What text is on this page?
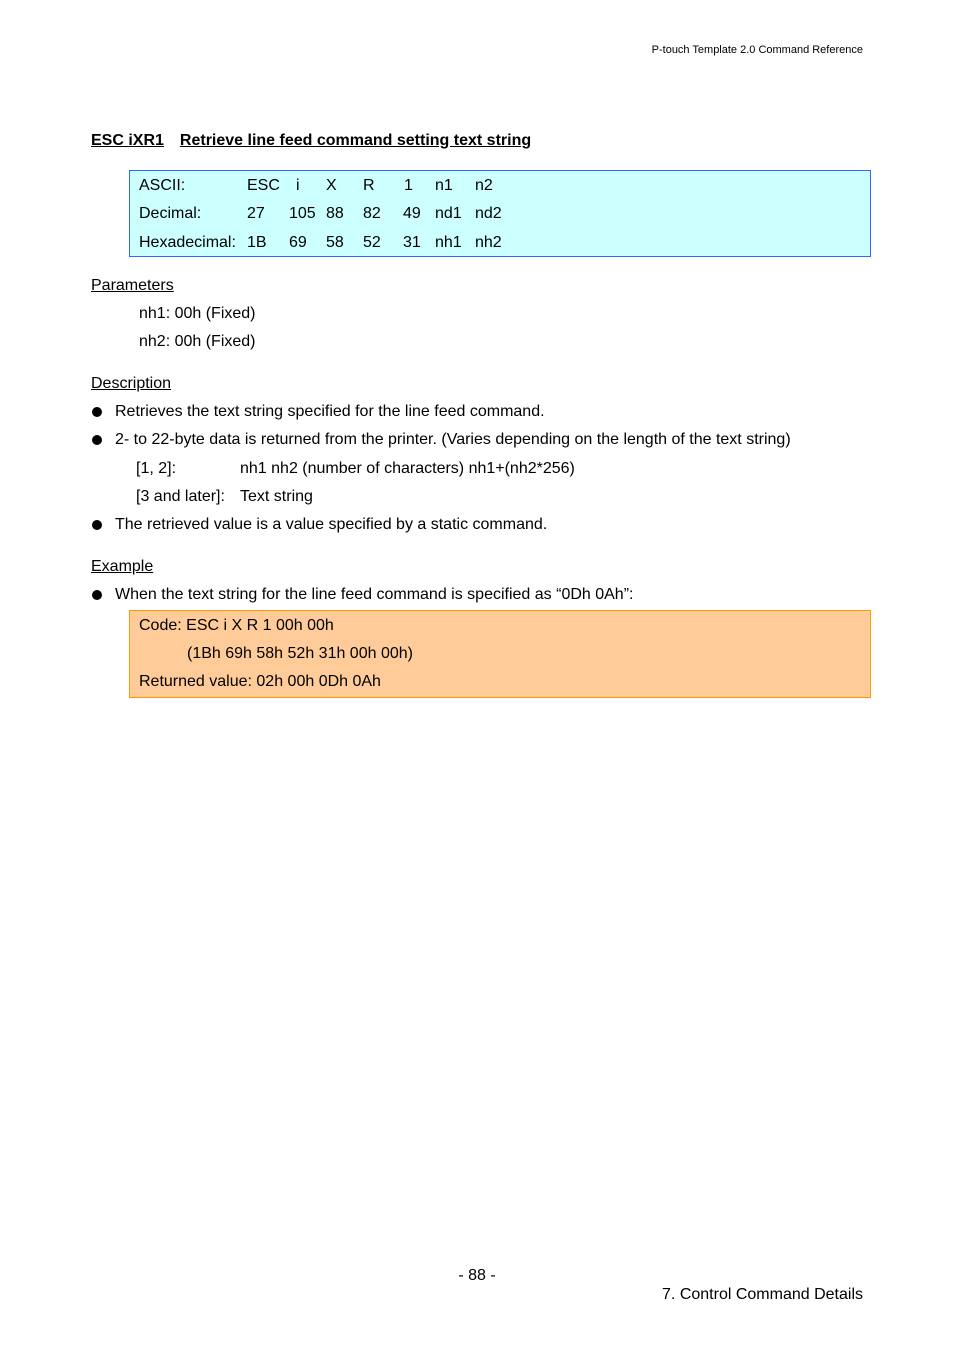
P-touch Template 2.0 Command Reference
ESC iXR1 Retrieve line feed command setting text string
ASCII:	ESC i X R 1 n1 n2
Decimal:	27 105 88 82 49 nd1 nd2
Hexadecimal: 1B 69 58 52 31 nh1 nh2
Parameters
nh1: 00h (Fixed)
nh2: 00h (Fixed)
Description
Retrieves the text string specified for the line feed command.
2- to 22-byte data is returned from the printer. (Varies depending on the length of the text string)
[1, 2]:	nh1 nh2 (number of characters) nh1+(nh2*256)
[3 and later]: Text string
The retrieved value is a value specified by a static command.
Example
When the text string for the line feed command is specified as “0Dh 0Ah”:
Code: ESC i X R 1 00h 00h
(1Bh 69h 58h 52h 31h 00h 00h)
Returned value: 02h 00h 0Dh 0Ah
- 88 -
7. Control Command Details
